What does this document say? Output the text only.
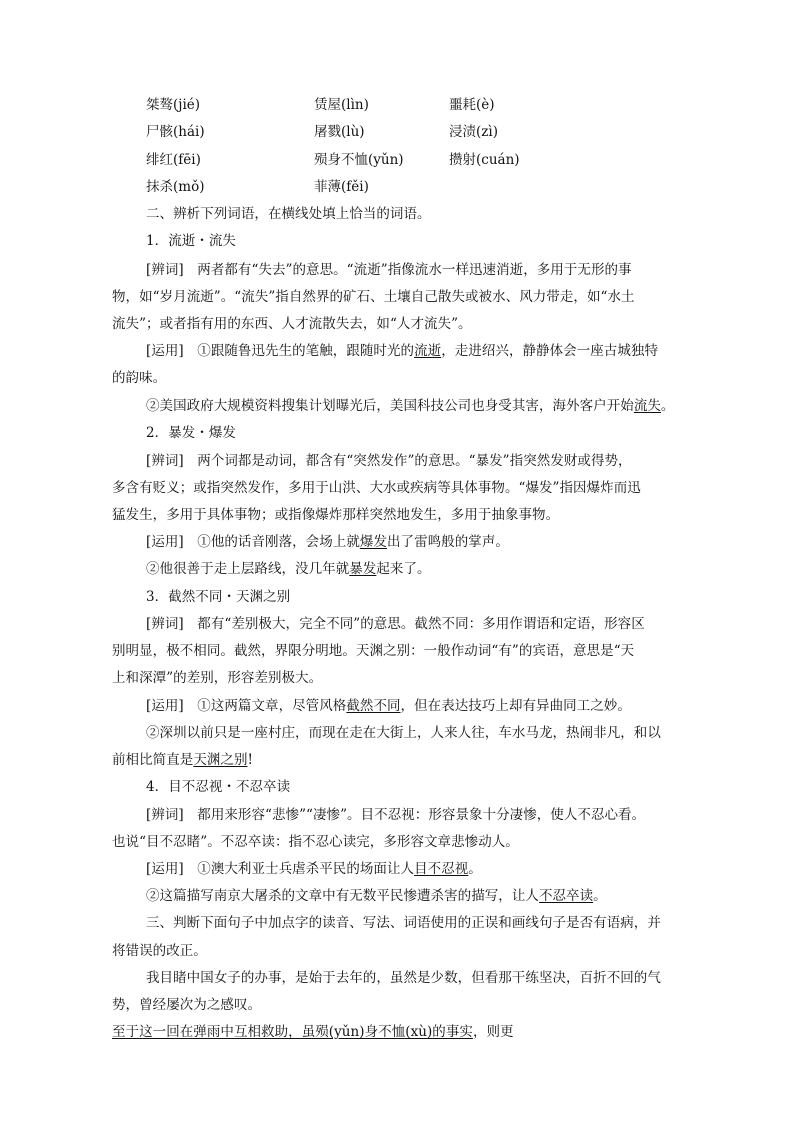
桀骜(jié)	赁屋(lìn)	噩耗(è)
尸骸(hái)	屠戮(lù)	浸渍(zì)
绯红(fēi)	殒身不恤(yǔn)	攒射(cuán)
抹杀(mǒ)	菲薄(fěi)
二、辨析下列词语，在横线处填上恰当的词语。
1．流逝・流失
[辨词]　两者都有“失去”的意思。“流逝”指像流水一样迅速消逝，多用于无形的事
物，如“岁月流逝”。“流失”指自然界的矿石、土壤自己散失或被水、风力带走，如“水土
流失”；或者指有用的东西、人才流散失去，如“人才流失”。
[运用]　①跟随鲁迅先生的笔触，跟随时光的流逝，走进绍兴，静静体会一座古城独特
的韵味。
②美国政府大规模资料搜集计划曝光后，美国科技公司也身受其害，海外客户开始流失。
2．暴发・爆发
[辨词]　两个词都是动词，都含有“突然发作”的意思。“暴发”指突然发财或得势，
多含有贬义；或指突然发作，多用于山洪、大水或疾病等具体事物。“爆发”指因爆炸而迅
猛发生，多用于具体事物；或指像爆炸那样突然地发生，多用于抽象事物。
[运用]　①他的话音刚落，会场上就爆发出了雷鸣般的掌声。
②他很善于走上层路线，没几年就暴发起来了。
3．截然不同・天渊之别
[辨词]　都有“差别极大，完全不同”的意思。截然不同：多用作谓语和定语，形容区
别明显，极不相同。截然，界限分明地。天渊之别：一般作动词“有”的宾语，意思是“天
上和深潭”的差别，形容差别极大。
[运用]　①这两篇文章，尽管风格截然不同，但在表达技巧上却有异曲同工之妙。
②深圳以前只是一座村庄，而现在走在大街上，人来人往，车水马龙，热闹非凡，和以
前相比简直是天渊之别!
4．目不忍视・不忍卒读
[辨词]　都用来形容“悲惨”“凄惨”。目不忍视：形容景象十分凄惨，使人不忍心看。
也说“目不忍睹”。不忍卒读：指不忍心读完，多形容文章悲惨动人。
[运用]　①澳大利亚士兵虐杀平民的场面让人目不忍视。
②这篇描写南京大屠杀的文章中有无数平民惨遭杀害的描写，让人不忍卒读。
三、判断下面句子中加点字的读音、写法、词语使用的正误和画线句子是否有语病，并
将错误的改正。
我目睹中国女子的办事，是始于去年的，虽然是少数，但看那干练坚决，百折不回的气
势，曾经屡次为之感叹。
至于这一回在弹雨中互相救助，虽殒(yǔn)身不恤(xù)的事实，则更
